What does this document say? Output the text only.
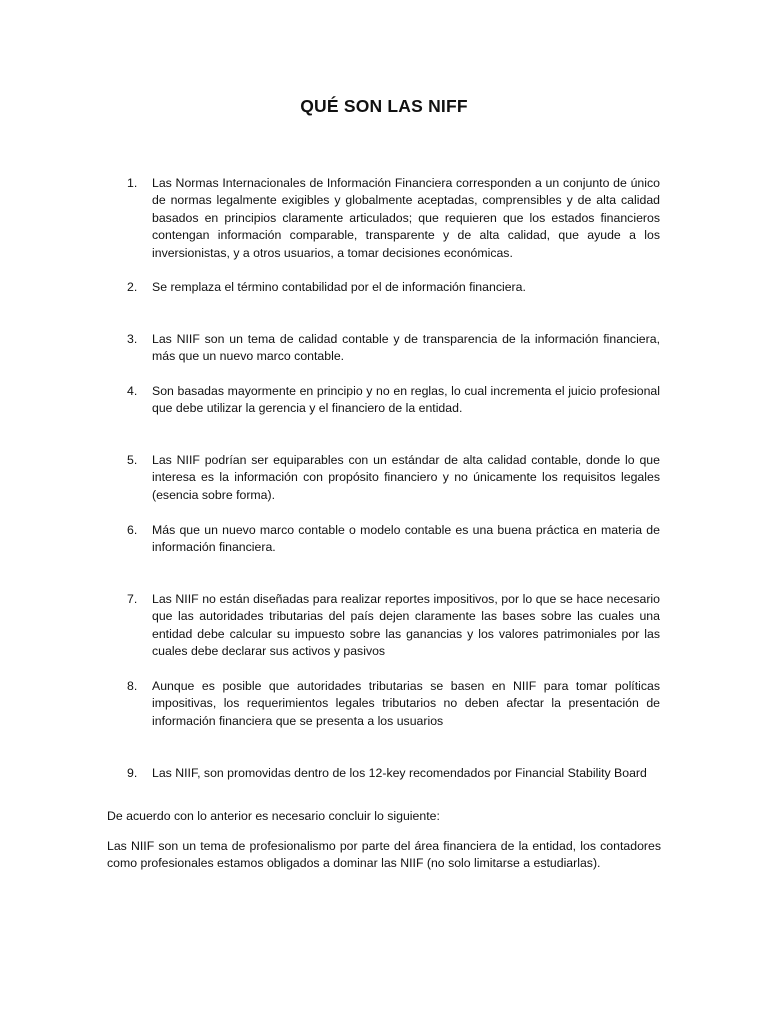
QUÉ SON LAS NIFF
1.	Las Normas Internacionales de Información Financiera corresponden a un conjunto de único de normas legalmente exigibles y globalmente aceptadas, comprensibles y de alta calidad basados en principios claramente articulados; que requieren que los estados financieros contengan información comparable, transparente y de alta calidad, que ayude a los inversionistas, y a otros usuarios, a tomar decisiones económicas.

2.	Se remplaza el término contabilidad por el de información financiera.

3.	Las NIIF son un tema de calidad contable y de transparencia de la información financiera, más que un nuevo marco contable.

4.	Son basadas mayormente en principio y no en reglas, lo cual incrementa el juicio profesional que debe utilizar la gerencia y el financiero de la entidad.

5.	Las NIIF podrían ser equiparables con un estándar de alta calidad contable, donde lo que interesa es la información con propósito financiero y no únicamente los requisitos legales (esencia sobre forma).

6.	Más que un nuevo marco contable o modelo contable es una buena práctica en materia de información financiera.

7.	Las NIIF no están diseñadas para realizar reportes impositivos, por lo que se hace necesario que las autoridades tributarias del país dejen claramente las bases sobre las cuales una entidad debe calcular su impuesto sobre las ganancias y los valores patrimoniales por las cuales debe declarar sus activos y pasivos

8.	Aunque es posible que autoridades tributarias se basen en NIIF para tomar políticas impositivas, los requerimientos legales tributarios no deben afectar la presentación de información financiera que se presenta a los usuarios

9.	Las NIIF, son promovidas dentro de los 12-key recomendados por Financial Stability Board

De acuerdo con lo anterior es necesario concluir lo siguiente:

Las NIIF son un tema de profesionalismo por parte del área financiera de la entidad, los contadores como profesionales estamos obligados a dominar las NIIF (no solo limitarse a estudiarlas).
